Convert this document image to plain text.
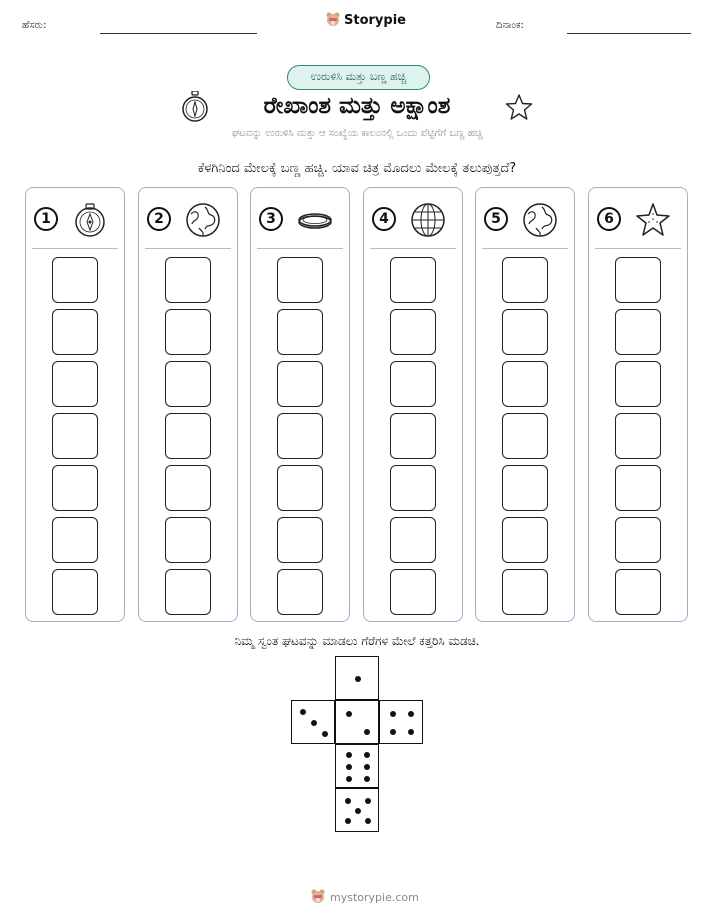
ಹೆಸರು:	Storypie	ದಿನಾಂಕ:
ಉರುಳಿಸಿ ಮತ್ತು ಬಣ್ಣ ಹಚ್ಚಿ
ರೇಖಾಂಶ ಮತ್ತು ಅಕ್ಷಾಂಶ
ಘಟವನ್ನು ಉರುಳಿಸಿ ಮತ್ತು ಆ ಸಂಖ್ಯೆಯ ಕಾಲಂನಲ್ಲಿ ಒಂದು ಪೆಟ್ಟಿಗೆಗೆ ಬಣ್ಣ ಹಚ್ಚಿ
ಕೆಳಗಿನಿಂದ ಮೇಲಕ್ಕೆ ಬಣ್ಣ ಹಚ್ಚಿ. ಯಾವ ಚಿತ್ರ ಮೊದಲು ಮೇಲಕ್ಕೆ ತಲುಪುತ್ತದೆ?
1	2	3	4	5	6
ನಿಮ್ಮ ಸ್ವಂತ ಘಟವನ್ನು ಮಾಡಲು ಗೆರೆಗಳ ಮೇಲೆ ಕತ್ತರಿಸಿ ಮಡಚಿ.
mystorypie.com
